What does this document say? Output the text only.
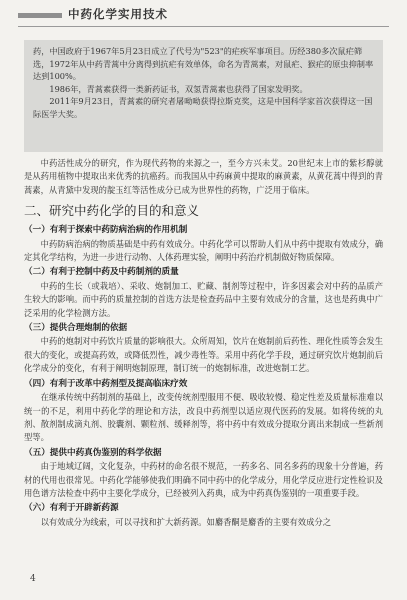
中药化学实用技术

药，中国政府于1967年5月23日成立了代号为"523"的疟疾军事项目。历经380多次鼠疟筛选，1972年从中药青蒿中分离得到抗疟有效单体，命名为青蒿素，对鼠疟、猴疟的原虫抑制率达到100%。

1986年，青蒿素获得一类新药证书，双氢青蒿素也获得了国家发明奖。

2011年9月23日，青蒿素的研究者屠呦呦获得拉斯克奖，这是中国科学家首次获得这一国际医学大奖。

中药活性成分的研究，作为现代药物的来源之一，至今方兴未艾。20世纪末上市的紫杉醇就是从药用植物中提取出来优秀的抗癌药。而我国从中药麻黄中提取的麻黄素，从黄花蒿中得到的青蒿素，从青黛中发现的靛玉红等活性成分已成为世界性的药物，广泛用于临床。

二、研究中药化学的目的和意义
（一）有利于探索中药防病治病的作用机制

中药防病治病的物质基础是中药有效成分。中药化学可以帮助人们从中药中提取有效成分，确定其化学结构，为进一步进行动物、人体药理实验，阐明中药治疗机制做好物质保障。

（二）有利于控制中药及中药制剂的质量

中药的生长（或栽培）、采收、炮制加工、贮藏、制剂等过程中，许多因素会对中药的品质产生较大的影响。而中药的质量控制的首选方法是检查药品中主要有效成分的含量，这也是药典中广泛采用的化学检测方法。

（三）提供合理炮制的依据

中药的炮制对中药饮片质量的影响很大。众所周知，饮片在炮制前后药性、理化性质等会发生很大的变化，或提高药效，或降低烈性，减少毒性等。采用中药化学手段，通过研究饮片炮制前后化学成分的变化，有利于阐明炮制原理，制订统一的炮制标准，改进炮制工艺。

（四）有利于改革中药剂型及提高临床疗效

在继承传统中药制剂的基础上，改变传统剂型服用不便、吸收较慢、稳定性差及质量标准难以统一的不足，利用中药化学的理论和方法，改良中药剂型以适应现代医药的发展。如将传统的丸剂、散剂制成滴丸剂、胶囊剂、颗粒剂、缓释剂等，将中药中有效成分提取分离出来制成一些新剂型等。

（五）提供中药真伪鉴别的科学依据

由于地域辽阔，文化复杂，中药材的命名很不规范，一药多名、同名多药的现象十分普遍，药材的代用也很常见。中药化学能够使我们明确不同中药中的化学成分，用化学反应进行定性检识及用色谱方法检查中药中主要化学成分，已经被列入药典，成为中药真伪鉴别的一项重要手段。

（六）有利于开辟新药源

以有效成分为线索，可以寻找和扩大新药源。如麝香酮是麝香的主要有效成分之

4
